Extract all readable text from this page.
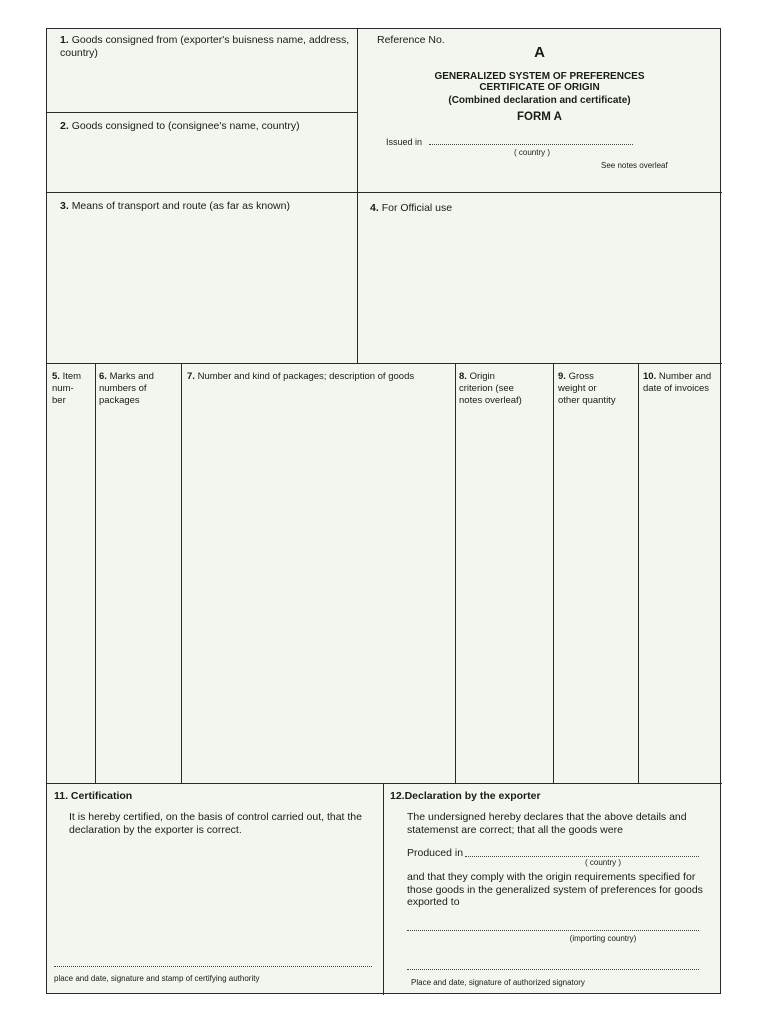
1. Goods consigned from (exporter's buisness name, address, country)
2. Goods consigned to (consignee's name, country)
Reference No.
A
GENERALIZED SYSTEM OF PREFERENCES
CERTIFICATE OF ORIGIN
(Combined declaration and certificate)
FORM A
Issued in
( country )
See notes overleaf
3. Means of transport and route (as far as known)	4. For Official use
5. Item num-ber
6. Marks and numbers of packages
7. Number and kind of packages; description of goods	8. Origin criterion (see notes overleaf)
9. Gross weight or other quantity
10. Number and date of invoices
11. Certification
It is hereby certified, on the basis of control carried out, that the declaration by the exporter is correct.
place and date, signature and stamp of certifying authority
12.Declaration by the exporter
The undersigned hereby declares that the above details and statemenst are correct; that all the goods were
Produced in
( country )
and that they comply with the origin requirements specified for those goods in the generalized system of preferences for goods exported to
(importing country)
Place and date, signature of authorized signatory
